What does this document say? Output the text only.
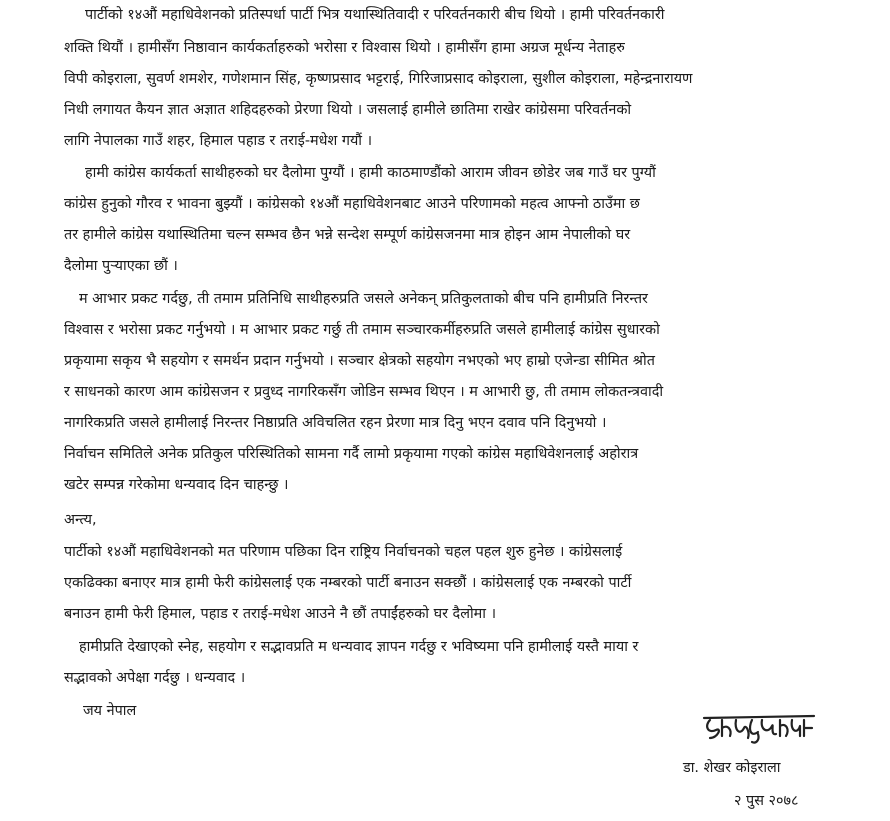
पार्टीको १४औं महाधिवेशनको प्रतिस्पर्धा पार्टी भित्र यथास्थितिवादी र परिवर्तनकारी बीच थियो । हामी परिवर्तनकारी
शक्ति थियौं । हामीसँग निष्ठावान कार्यकर्ताहरुको भरोसा र विश्वास थियो । हामीसँग हामा अग्रज मूर्धन्य नेताहरु
विपी कोइराला, सुवर्ण शमशेर, गणेशमान सिंह, कृष्णप्रसाद भट्टराई, गिरिजाप्रसाद कोइराला, सुशील कोइराला, महेन्द्रनारायण
निधी लगायत कैयन ज्ञात अज्ञात शहिदहरुको प्रेरणा थियो । जसलाई हामीले छातिमा राखेर कांग्रेसमा परिवर्तनको
लागि नेपालका गाउँ शहर, हिमाल पहाड र तराई-मधेश गयौं ।
हामी कांग्रेस कार्यकर्ता साथीहरुको घर दैलोमा पुग्यौं । हामी काठमाण्डौंको आराम जीवन छोडेर जब गाउँ घर पुग्यौं
कांग्रेस हुनुको गौरव र भावना बुझ्यौं । कांग्रेसको १४औं महाधिवेशनबाट आउने परिणामको महत्व आफ्नो ठाउँमा छ
तर हामीले कांग्रेस यथास्थितिमा चल्न सम्भव छैन भन्ने सन्देश सम्पूर्ण कांग्रेसजनमा मात्र होइन आम नेपालीको घर
दैलोमा पुर्‍याएका छौं ।
म आभार प्रकट गर्दछु, ती तमाम प्रतिनिधि साथीहरुप्रति जसले अनेकन् प्रतिकुलताको बीच पनि हामीप्रति निरन्तर
विश्वास र भरोसा प्रकट गर्नुभयो । म आभार प्रकट गर्छु ती तमाम सञ्चारकर्मीहरुप्रति जसले हामीलाई कांग्रेस सुधारको
प्रकृयामा सकृय भै सहयोग र समर्थन प्रदान गर्नुभयो । सञ्चार क्षेत्रको सहयोग नभएको भए हाम्रो एजेन्डा सीमित श्रोत
र साधनको कारण आम कांग्रेसजन र प्रवुध्द नागरिकसँग जोडिन सम्भव थिएन । म आभारी छु, ती तमाम लोकतन्त्रवादी
नागरिकप्रति जसले हामीलाई निरन्तर निष्ठाप्रति अविचलित रहन प्रेरणा मात्र दिनु भएन दवाव पनि दिनुभयो ।
निर्वाचन समितिले अनेक प्रतिकुल परिस्थितिको सामना गर्दै लामो प्रकृयामा गएको कांग्रेस महाधिवेशनलाई अहोरात्र
खटेर सम्पन्न गरेकोमा धन्यवाद दिन चाहन्छु ।
अन्त्य,
पार्टीको १४औं महाधिवेशनको मत परिणाम पछिका दिन राष्ट्रिय निर्वाचनको चहल पहल शुरु हुनेछ । कांग्रेसलाई
एकढिक्का बनाएर मात्र हामी फेरी कांग्रेसलाई एक नम्बरको पार्टी बनाउन सक्छौं । कांग्रेसलाई एक नम्बरको पार्टी
बनाउन हामी फेरी हिमाल, पहाड र तराई-मधेश आउने नै छौं तपाईंहरुको घर दैलोमा ।
हामीप्रति देखाएको स्नेह, सहयोग र सद्भावप्रति म धन्यवाद ज्ञापन गर्दछु र भविष्यमा पनि हामीलाई यस्तै माया र
सद्भावको अपेक्षा गर्दछु । धन्यवाद ।
जय नेपाल
डा. शेखर कोइराला
२ पुस २०७८
